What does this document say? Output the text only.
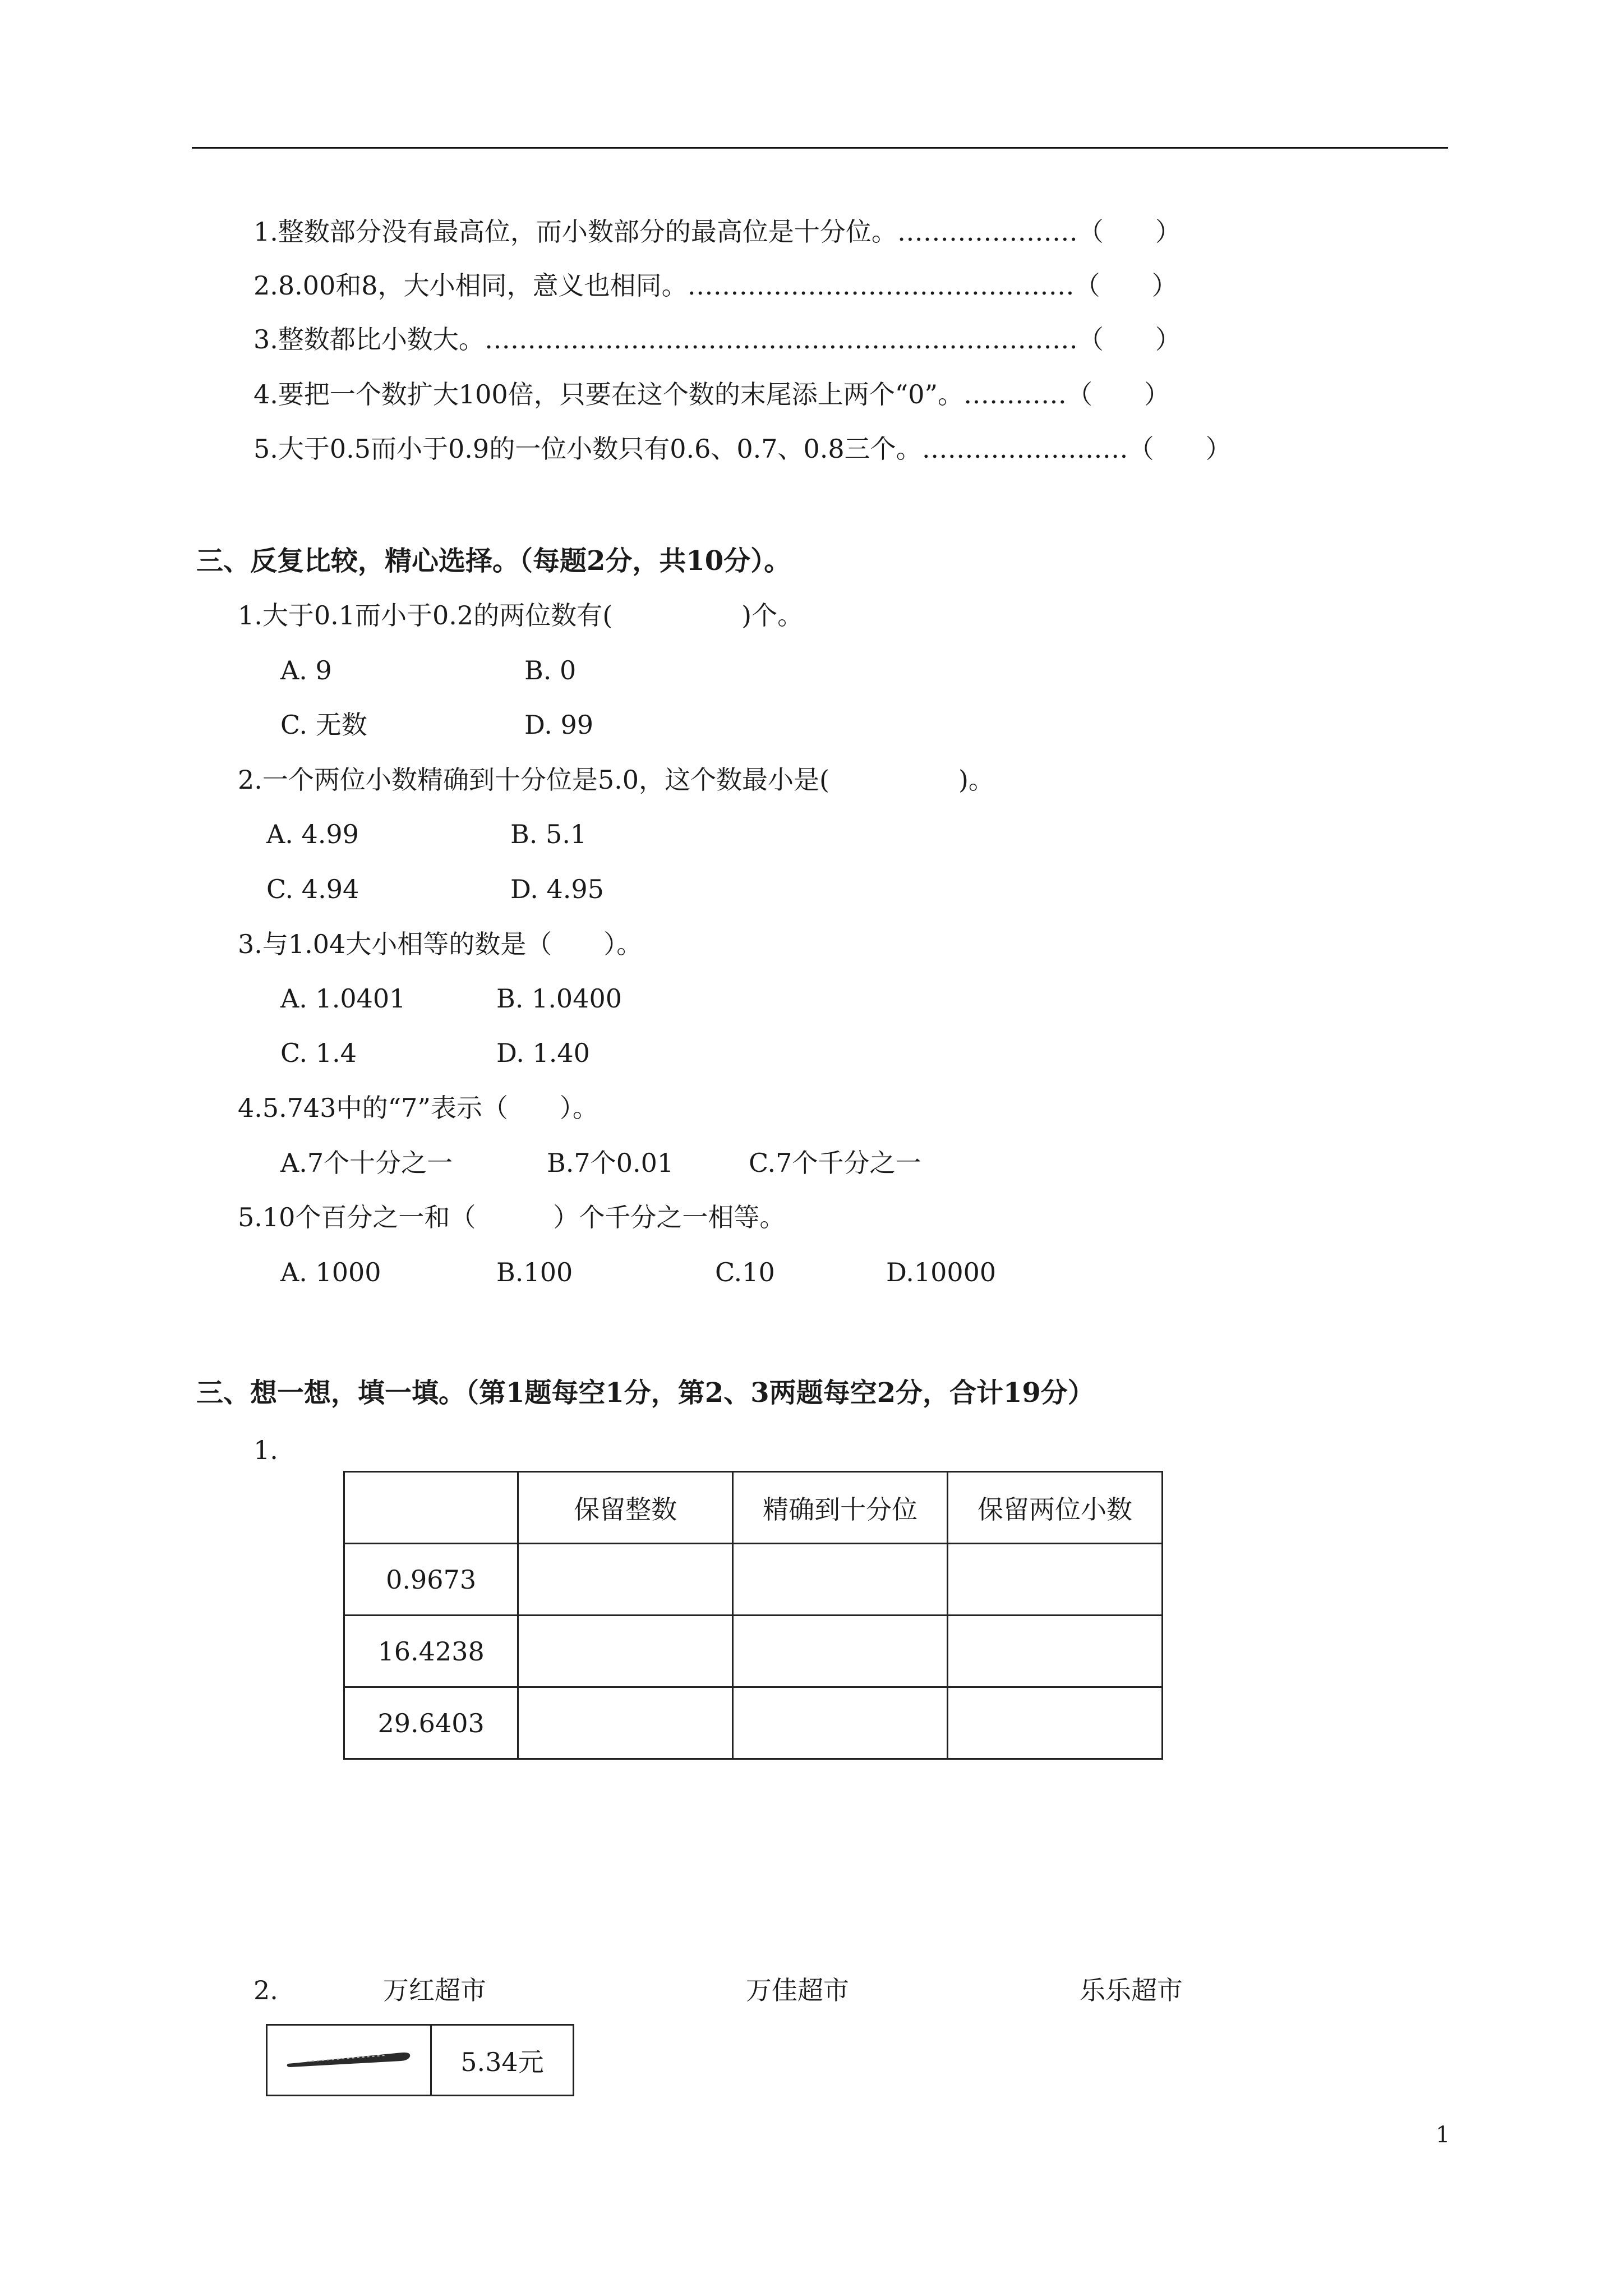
1.整数部分没有最高位，而小数部分的最高位是十分位。…………………（　　）
2.8.00和8，大小相同，意义也相同。………………………………………（　　）
3.整数都比小数大。……………………………………………………………（　　）
4.要把一个数扩大100倍，只要在这个数的末尾添上两个“0”。…………（　　）
5.大于0.5而小于0.9的一位小数只有0.6、0.7、0.8三个。……………………（　　）
三、反复比较，精心选择。（每题2分，共10分）。
1.大于0.1而小于0.2的两位数有(　　　　　)个。
A. 9	B. 0
C. 无数	D. 99
2.一个两位小数精确到十分位是5.0，这个数最小是(　　　　　)。
A. 4.99	B. 5.1
C. 4.94	D. 4.95
3.与1.04大小相等的数是（　　）。
A. 1.0401	B. 1.0400
C. 1.4	D. 1.40
4.5.743中的“7”表示（　　）。
A.7个十分之一	B.7个0.01	C.7个千分之一
5.10个百分之一和（　　　）个千分之一相等。
A. 1000	B.100	C.10	D.10000
三、想一想，填一填。（第1题每空1分，第2、3两题每空2分，合计19分）
1.
	保留整数	精确到十分位	保留两位小数
0.9673			
16.4238			
29.6403			
2.	万红超市	万佳超市	乐乐超市
	5.34元
1
